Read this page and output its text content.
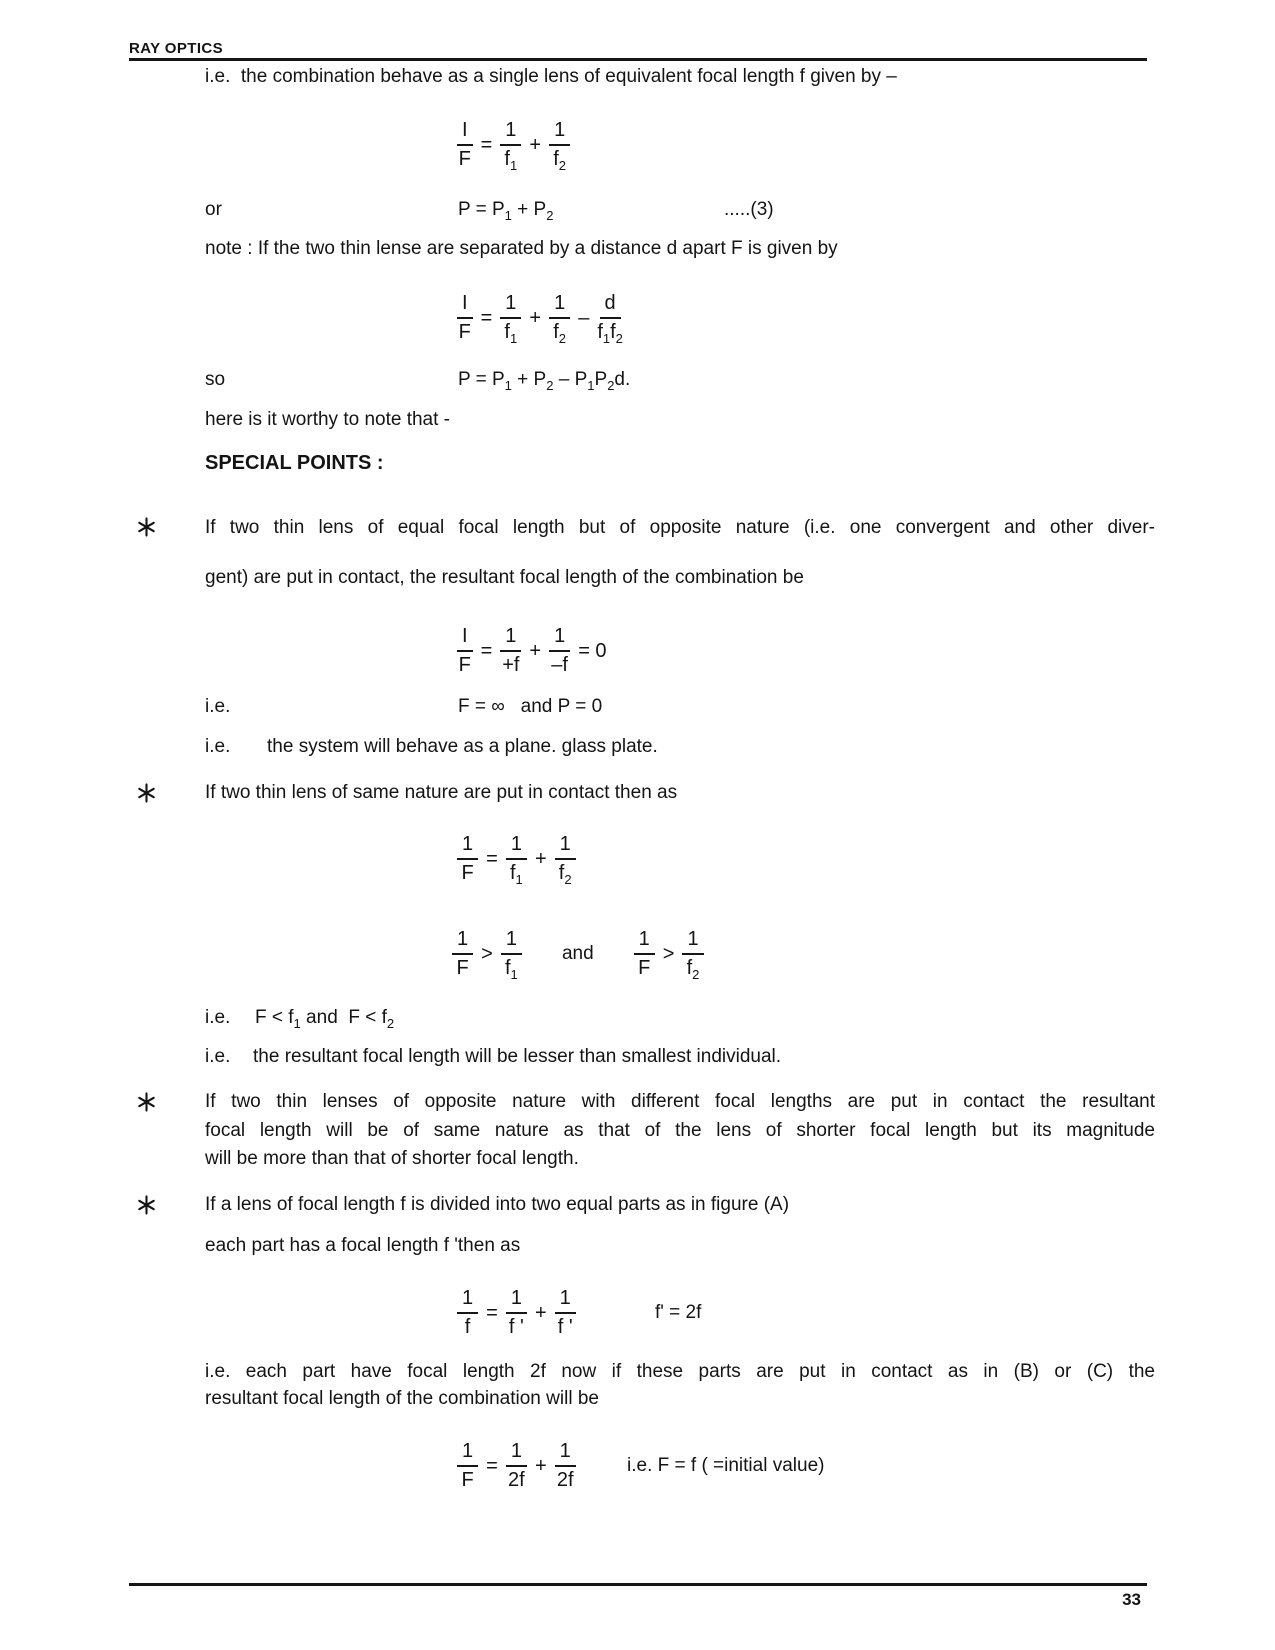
RAY OPTICS
i.e.  the combination behave as a single lens of equivalent focal length f given by –
$\frac{I}{F} = \frac{1}{f_1} + \frac{1}{f_2}$
or	$P = P_1 + P_2$	.....(3)
note : If the two thin lense are separated by a distance d apart F is given by
$\frac{I}{F} = \frac{1}{f_1} + \frac{1}{f_2} - \frac{d}{f_1f_2}$
so	$P = P_1 + P_2 - P_1P_2d$.
here is it worthy to note that -
SPECIAL POINTS :
If two thin lens of equal focal length but of opposite nature (i.e. one convergent and other diver-
gent) are put in contact, the resultant focal length of the combination be
$\frac{I}{F} = \frac{1}{+f} + \frac{1}{-f} = 0$
i.e.	F = ∞   and P = 0
i.e. the system will behave as a plane. glass plate.
If two thin lens of same nature are put in contact then as
$\frac{1}{F} = \frac{1}{f_1} + \frac{1}{f_2}$
$\frac{1}{F} > \frac{1}{f_1}$ and $\frac{1}{F} > \frac{1}{f_2}$
i.e. $F < f_1$ and  $F < f_2$
i.e. the resultant focal length will be lesser than smallest individual.
If two thin lenses of opposite nature with different focal lengths are put in contact the resultant
focal length will be of same nature as that of the lens of shorter focal length but its magnitude
will be more than that of shorter focal length.
If a lens of focal length f is divided into two equal parts as in figure (A)
each part has a focal length f 'then as
$\frac{1}{f} = \frac{1}{f '} + \frac{1}{f '}$	f' = 2f
i.e. each part have focal length 2f now if these parts are put in contact as in (B) or (C) the
resultant focal length of the combination will be
$\frac{1}{F} = \frac{1}{2f} + \frac{1}{2f}$	i.e. F = f ( =initial value)
33
